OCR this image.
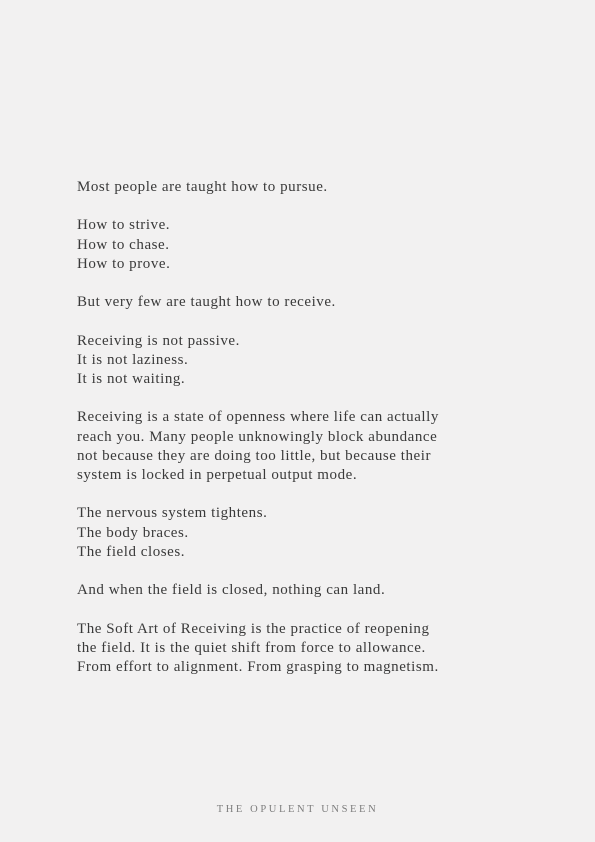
Most people are taught how to pursue.

How to strive.
How to chase.
How to prove.

But very few are taught how to receive.

Receiving is not passive.
It is not laziness.
It is not waiting.

Receiving is a state of openness where life can actually
reach you. Many people unknowingly block abundance
not because they are doing too little, but because their
system is locked in perpetual output mode.

The nervous system tightens.
The body braces.
The field closes.

And when the field is closed, nothing can land.

The Soft Art of Receiving is the practice of reopening
the field. It is the quiet shift from force to allowance.
From effort to alignment. From grasping to magnetism.

THE OPULENT UNSEEN
